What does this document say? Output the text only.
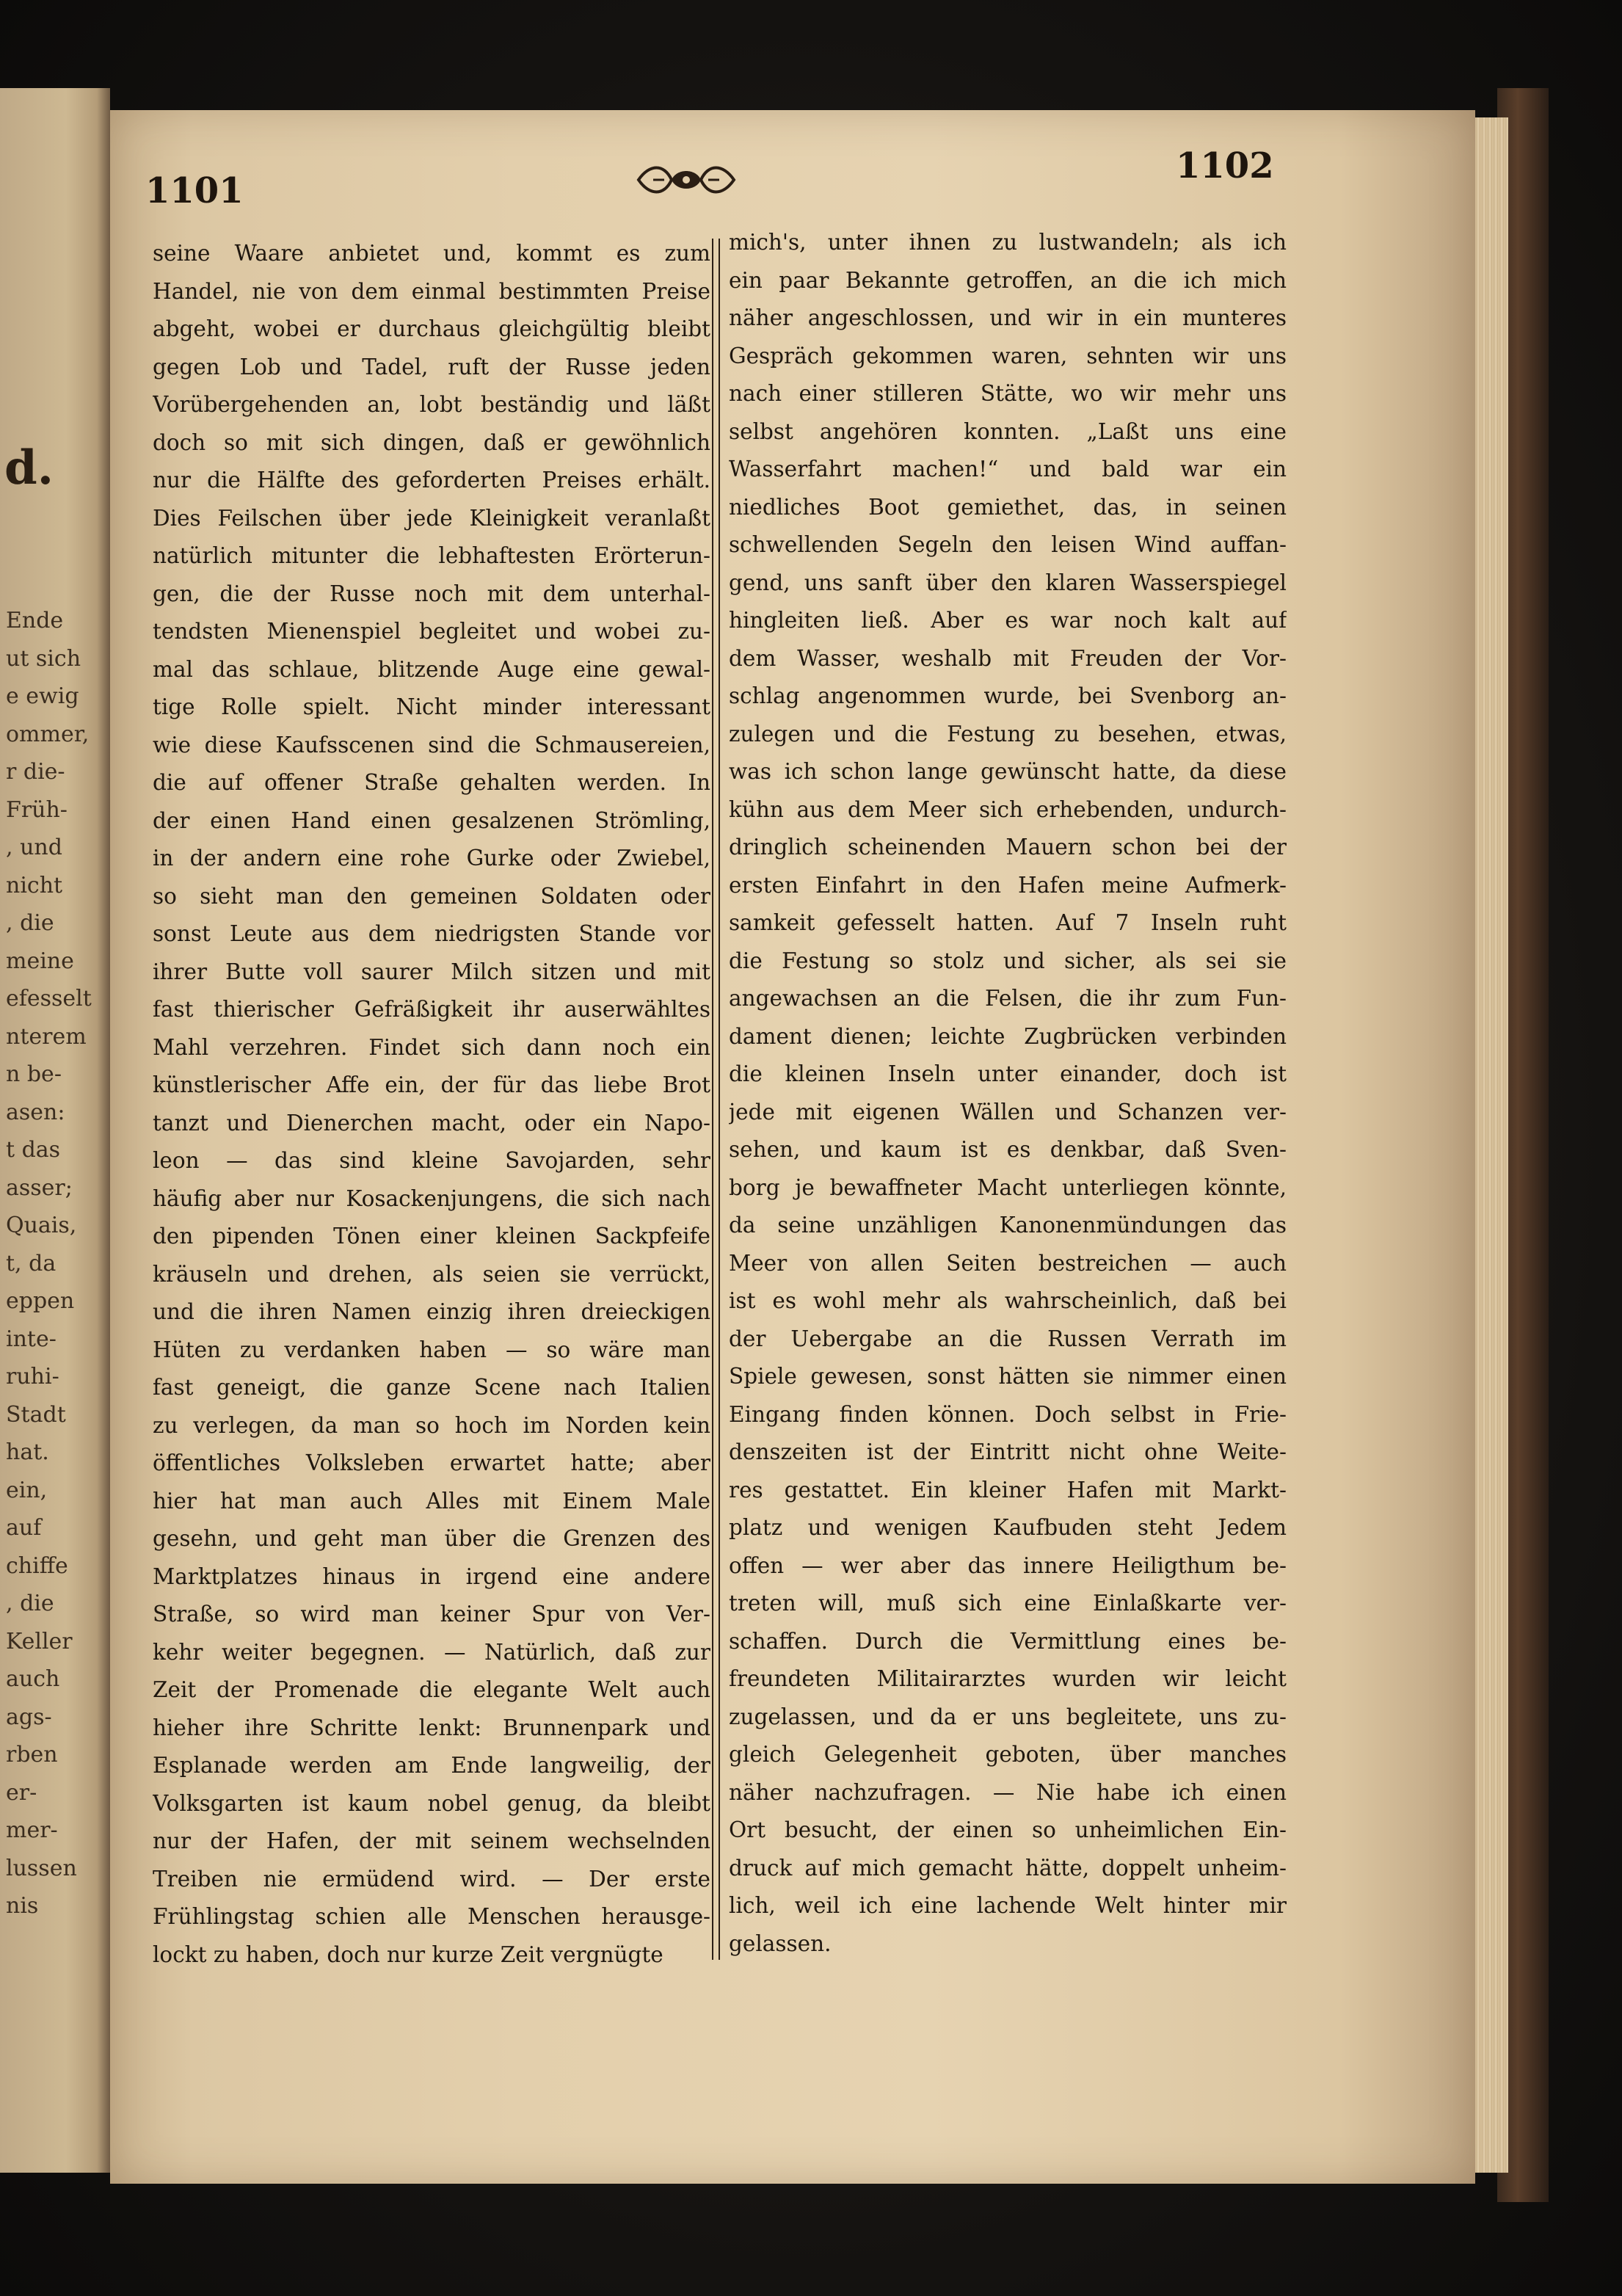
d.
Ende
ut sich
e ewig
ommer,
r die-
Früh-
, und
nicht
, die
meine
efesselt
nterem
n be-
asen:
t das
asser;
Quais,
t, da
eppen
inte-
ruhi-
Stadt
hat.
ein,
auf
chiffe
, die
Keller
auch
ags-
rben
er-
mer-
lussen
nis
1101
1102
seine Waare anbietet und, kommt es zum
Handel, nie von dem einmal bestimmten Preise
abgeht, wobei er durchaus gleichgültig bleibt
gegen Lob und Tadel, ruft der Russe jeden
Vorübergehenden an, lobt beständig und läßt
doch so mit sich dingen, daß er gewöhnlich
nur die Hälfte des geforderten Preises erhält.
Dies Feilschen über jede Kleinigkeit veranlaßt
natürlich mitunter die lebhaftesten Erörterun-
gen, die der Russe noch mit dem unterhal-
tendsten Mienenspiel begleitet und wobei zu-
mal das schlaue, blitzende Auge eine gewal-
tige Rolle spielt. Nicht minder interessant
wie diese Kaufsscenen sind die Schmausereien,
die auf offener Straße gehalten werden. In
der einen Hand einen gesalzenen Strömling,
in der andern eine rohe Gurke oder Zwiebel,
so sieht man den gemeinen Soldaten oder
sonst Leute aus dem niedrigsten Stande vor
ihrer Butte voll saurer Milch sitzen und mit
fast thierischer Gefräßigkeit ihr auserwähltes
Mahl verzehren. Findet sich dann noch ein
künstlerischer Affe ein, der für das liebe Brot
tanzt und Dienerchen macht, oder ein Napo-
leon — das sind kleine Savojarden, sehr
häufig aber nur Kosackenjungens, die sich nach
den pipenden Tönen einer kleinen Sackpfeife
kräuseln und drehen, als seien sie verrückt,
und die ihren Namen einzig ihren dreieckigen
Hüten zu verdanken haben — so wäre man
fast geneigt, die ganze Scene nach Italien
zu verlegen, da man so hoch im Norden kein
öffentliches Volksleben erwartet hatte; aber
hier hat man auch Alles mit Einem Male
gesehn, und geht man über die Grenzen des
Marktplatzes hinaus in irgend eine andere
Straße, so wird man keiner Spur von Ver-
kehr weiter begegnen. — Natürlich, daß zur
Zeit der Promenade die elegante Welt auch
hieher ihre Schritte lenkt: Brunnenpark und
Esplanade werden am Ende langweilig, der
Volksgarten ist kaum nobel genug, da bleibt
nur der Hafen, der mit seinem wechselnden
Treiben nie ermüdend wird. — Der erste
Frühlingstag schien alle Menschen herausge-
lockt zu haben, doch nur kurze Zeit vergnügte
mich's, unter ihnen zu lustwandeln; als ich
ein paar Bekannte getroffen, an die ich mich
näher angeschlossen, und wir in ein munteres
Gespräch gekommen waren, sehnten wir uns
nach einer stilleren Stätte, wo wir mehr uns
selbst angehören konnten. „Laßt uns eine
Wasserfahrt machen!“ und bald war ein
niedliches Boot gemiethet, das, in seinen
schwellenden Segeln den leisen Wind auffan-
gend, uns sanft über den klaren Wasserspiegel
hingleiten ließ. Aber es war noch kalt auf
dem Wasser, weshalb mit Freuden der Vor-
schlag angenommen wurde, bei Svenborg an-
zulegen und die Festung zu besehen, etwas,
was ich schon lange gewünscht hatte, da diese
kühn aus dem Meer sich erhebenden, undurch-
dringlich scheinenden Mauern schon bei der
ersten Einfahrt in den Hafen meine Aufmerk-
samkeit gefesselt hatten. Auf 7 Inseln ruht
die Festung so stolz und sicher, als sei sie
angewachsen an die Felsen, die ihr zum Fun-
dament dienen; leichte Zugbrücken verbinden
die kleinen Inseln unter einander, doch ist
jede mit eigenen Wällen und Schanzen ver-
sehen, und kaum ist es denkbar, daß Sven-
borg je bewaffneter Macht unterliegen könnte,
da seine unzähligen Kanonenmündungen das
Meer von allen Seiten bestreichen — auch
ist es wohl mehr als wahrscheinlich, daß bei
der Uebergabe an die Russen Verrath im
Spiele gewesen, sonst hätten sie nimmer einen
Eingang finden können. Doch selbst in Frie-
denszeiten ist der Eintritt nicht ohne Weite-
res gestattet. Ein kleiner Hafen mit Markt-
platz und wenigen Kaufbuden steht Jedem
offen — wer aber das innere Heiligthum be-
treten will, muß sich eine Einlaßkarte ver-
schaffen. Durch die Vermittlung eines be-
freundeten Militairarztes wurden wir leicht
zugelassen, und da er uns begleitete, uns zu-
gleich Gelegenheit geboten, über manches
näher nachzufragen. — Nie habe ich einen
Ort besucht, der einen so unheimlichen Ein-
druck auf mich gemacht hätte, doppelt unheim-
lich, weil ich eine lachende Welt hinter mir
gelassen.
